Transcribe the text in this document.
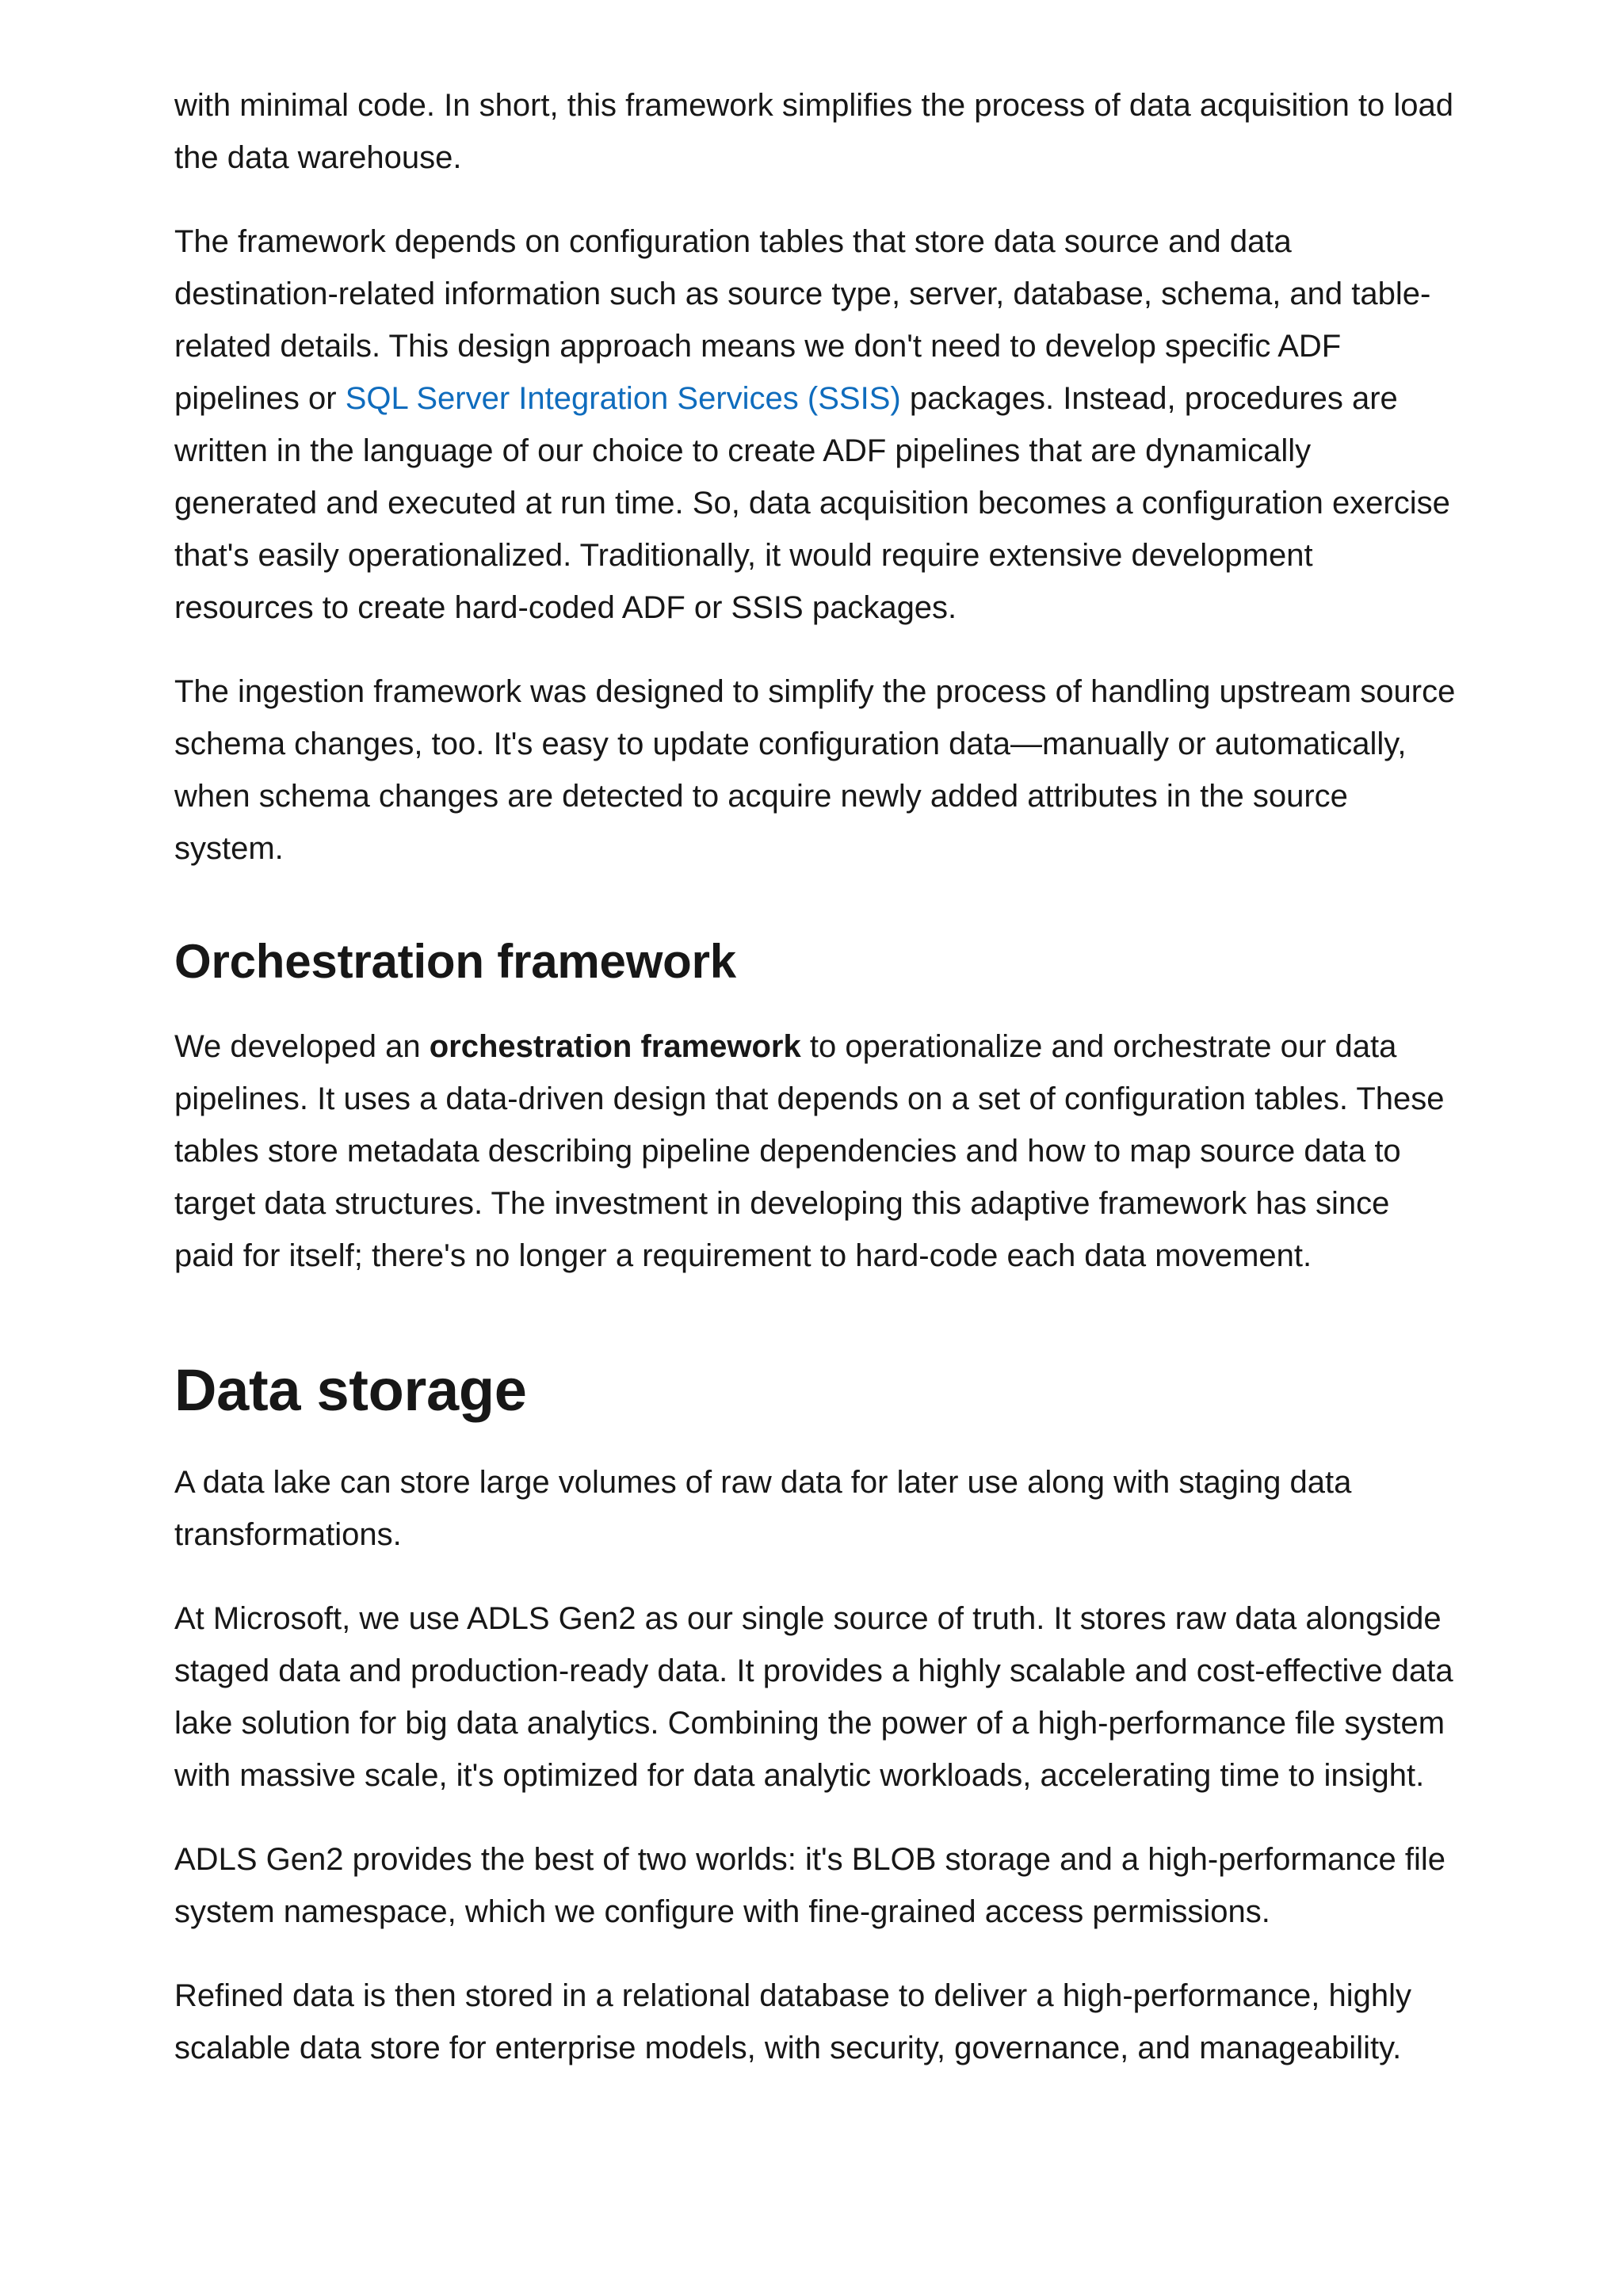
with minimal code. In short, this framework simplifies the process of data acquisition to load the data warehouse.

The framework depends on configuration tables that store data source and data destination-related information such as source type, server, database, schema, and table-related details. This design approach means we don't need to develop specific ADF pipelines or SQL Server Integration Services (SSIS) packages. Instead, procedures are written in the language of our choice to create ADF pipelines that are dynamically generated and executed at run time. So, data acquisition becomes a configuration exercise that's easily operationalized. Traditionally, it would require extensive development resources to create hard-coded ADF or SSIS packages.

The ingestion framework was designed to simplify the process of handling upstream source schema changes, too. It's easy to update configuration data—manually or automatically, when schema changes are detected to acquire newly added attributes in the source system.

Orchestration framework

We developed an orchestration framework to operationalize and orchestrate our data pipelines. It uses a data-driven design that depends on a set of configuration tables. These tables store metadata describing pipeline dependencies and how to map source data to target data structures. The investment in developing this adaptive framework has since paid for itself; there's no longer a requirement to hard-code each data movement.

Data storage

A data lake can store large volumes of raw data for later use along with staging data transformations.

At Microsoft, we use ADLS Gen2 as our single source of truth. It stores raw data alongside staged data and production-ready data. It provides a highly scalable and cost-effective data lake solution for big data analytics. Combining the power of a high-performance file system with massive scale, it's optimized for data analytic workloads, accelerating time to insight.

ADLS Gen2 provides the best of two worlds: it's BLOB storage and a high-performance file system namespace, which we configure with fine-grained access permissions.

Refined data is then stored in a relational database to deliver a high-performance, highly scalable data store for enterprise models, with security, governance, and manageability.
